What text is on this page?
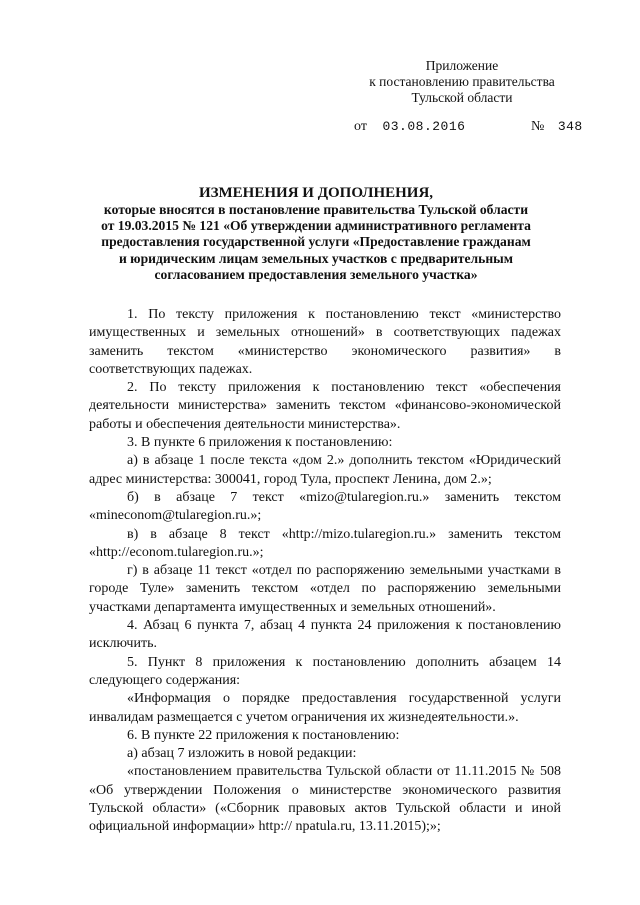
Приложение
к постановлению правительства
Тульской области
от 03.08.2016	№ 348
ИЗМЕНЕНИЯ И ДОПОЛНЕНИЯ,
которые вносятся в постановление правительства Тульской области от 19.03.2015 № 121 «Об утверждении административного регламента предоставления государственной услуги «Предоставление гражданам и юридическим лицам земельных участков с предварительным согласованием предоставления земельного участка»

1. По тексту приложения к постановлению текст «министерство имущественных и земельных отношений» в соответствующих падежах заменить текстом «министерство экономического развития» в соответствующих падежах.

2. По тексту приложения к постановлению текст «обеспечения деятельности министерства» заменить текстом «финансово-экономической работы и обеспечения деятельности министерства».

3. В пункте 6 приложения к постановлению:

а) в абзаце 1 после текста «дом 2.» дополнить текстом «Юридический адрес министерства: 300041, город Тула, проспект Ленина, дом 2.»;

б) в абзаце 7 текст «mizo@tularegion.ru.» заменить текстом «mineconom@tularegion.ru.»;

в) в абзаце 8 текст «http://mizo.tularegion.ru.» заменить текстом «http://econom.tularegion.ru.»;

г) в абзаце 11 текст «отдел по распоряжению земельными участками в городе Туле» заменить текстом «отдел по распоряжению земельными участками департамента имущественных и земельных отношений».

4. Абзац 6 пункта 7, абзац 4 пункта 24 приложения к постановлению исключить.

5. Пункт 8 приложения к постановлению дополнить абзацем 14 следующего содержания:

«Информация о порядке предоставления государственной услуги инвалидам размещается с учетом ограничения их жизнедеятельности.».

6. В пункте 22 приложения к постановлению:

а) абзац 7 изложить в новой редакции:

«постановлением правительства Тульской области от 11.11.2015 № 508 «Об утверждении Положения о министерстве экономического развития Тульской области» («Сборник правовых актов Тульской области и иной официальной информации» http:// npatula.ru, 13.11.2015);»;
